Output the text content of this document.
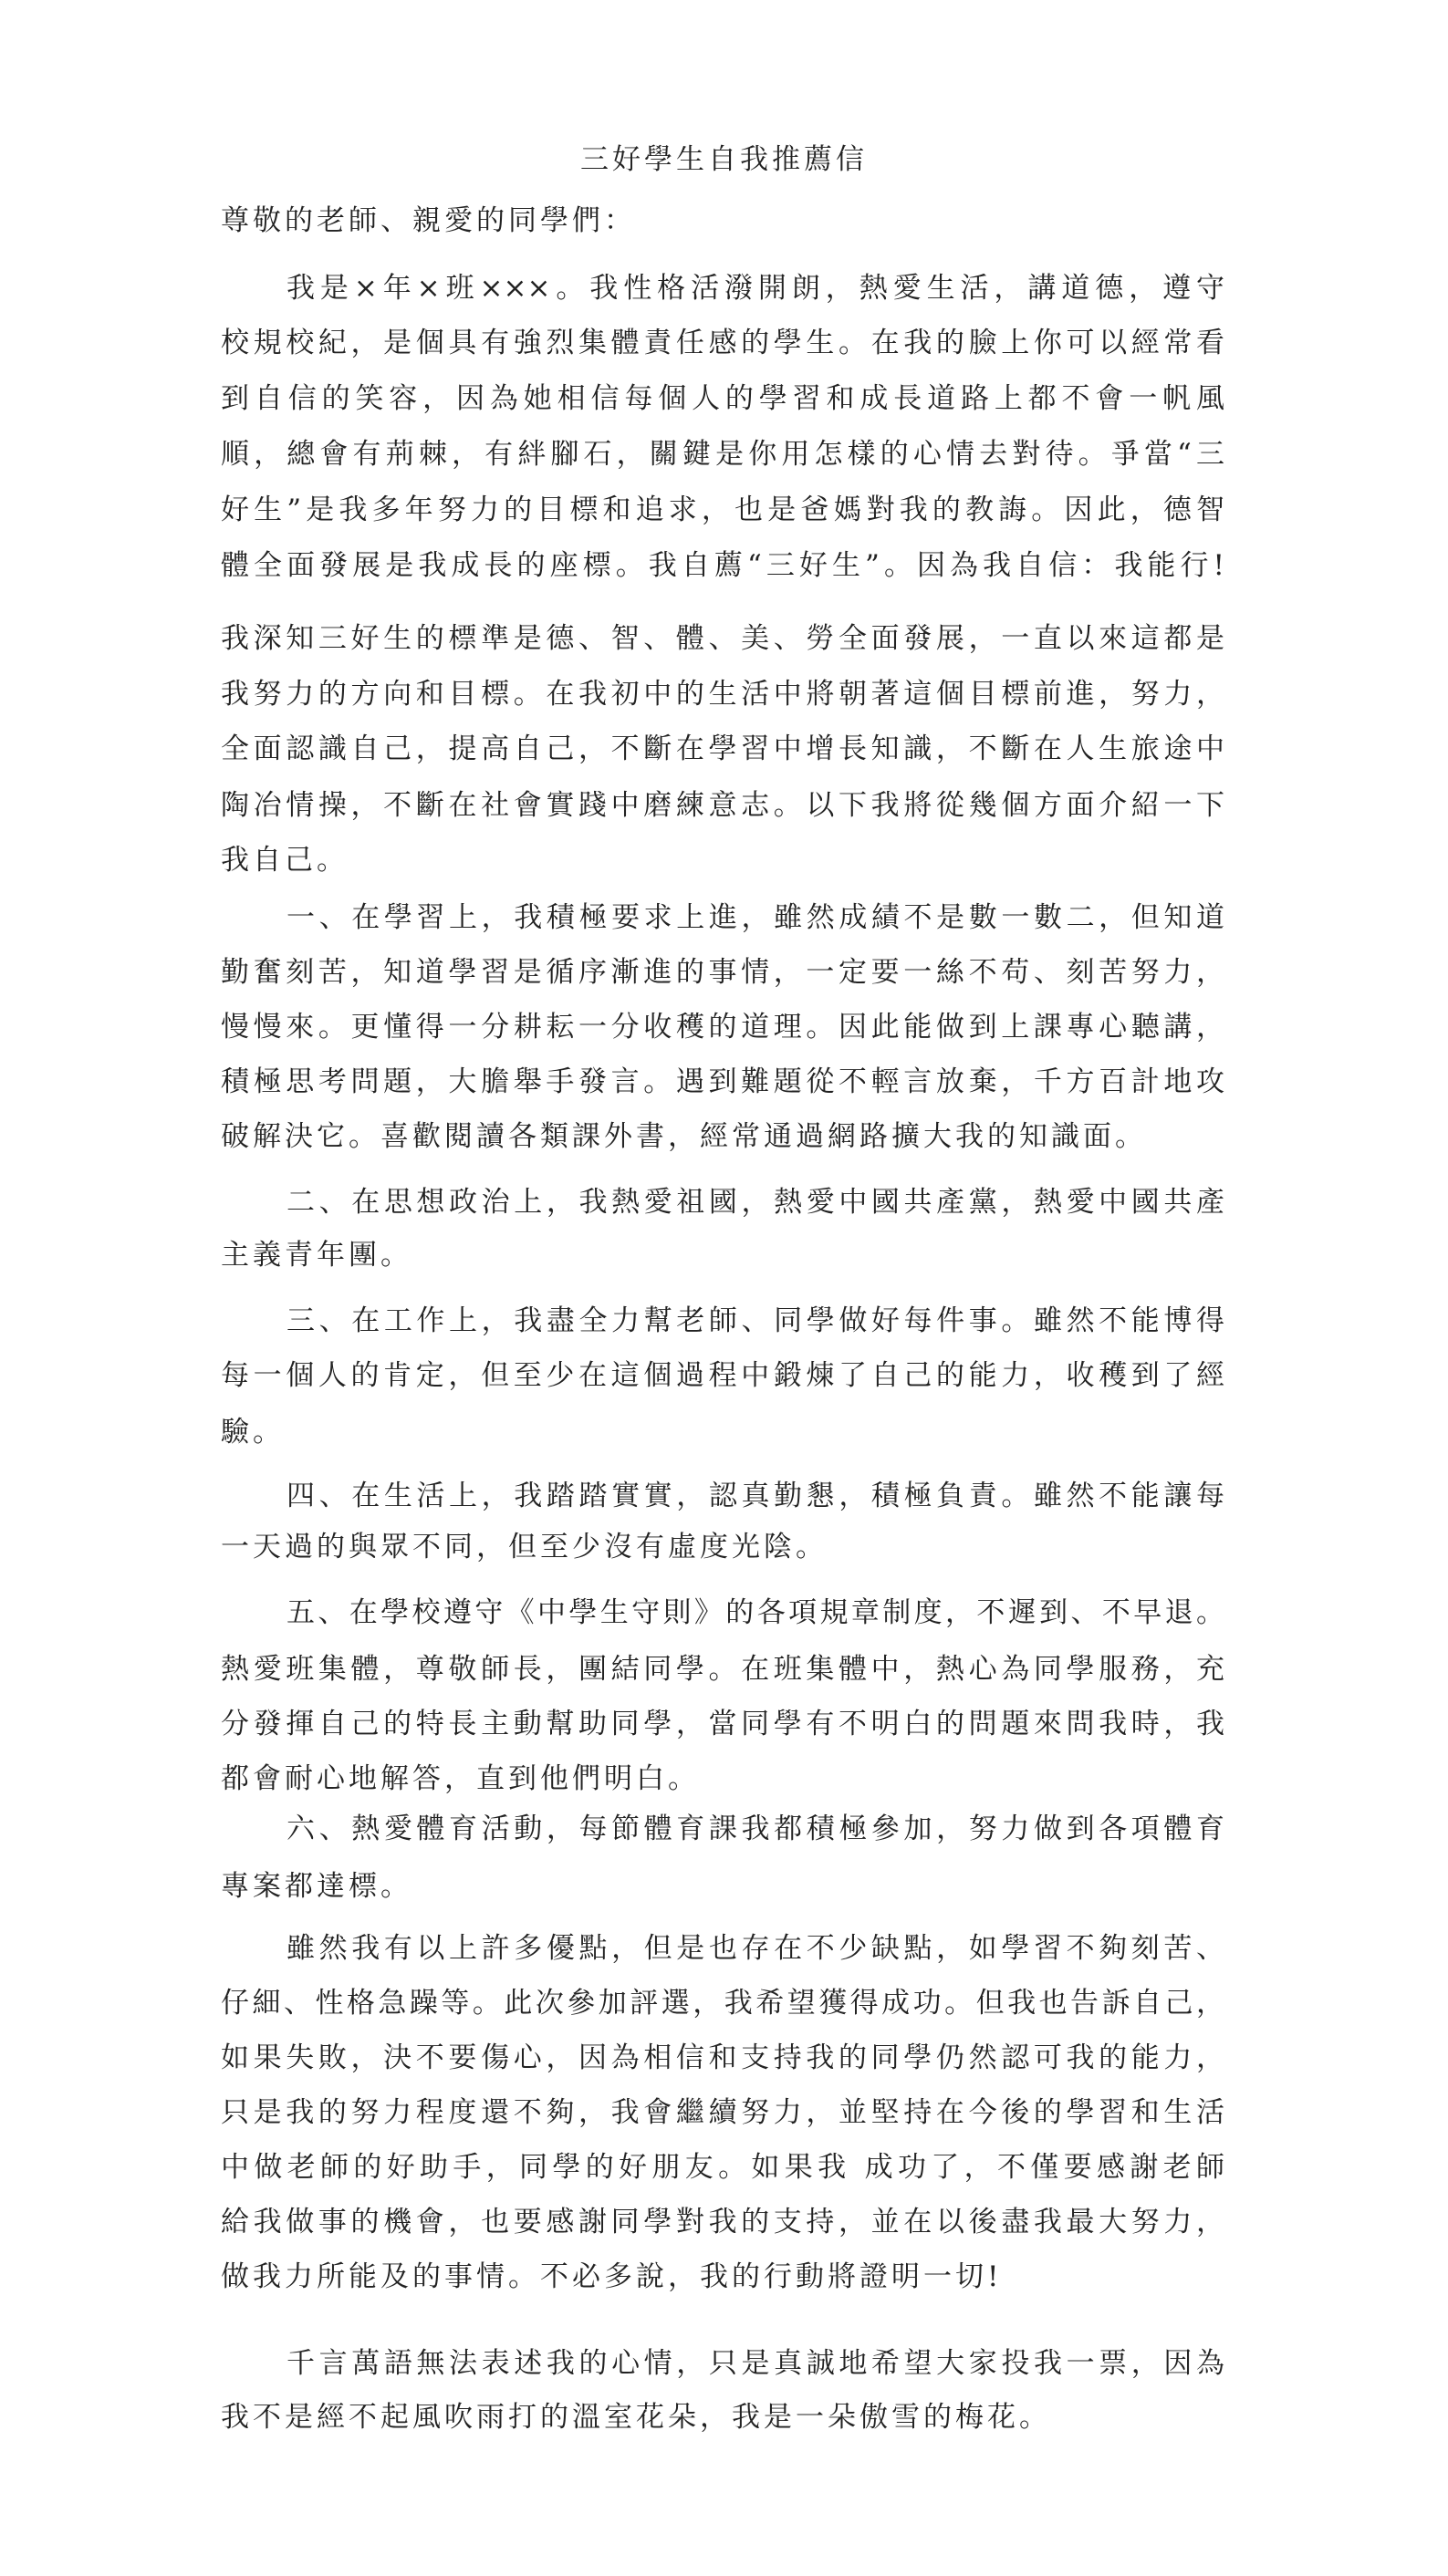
三好學生自我推薦信
尊敬的老師、親愛的同學們：
我是×年×班×××。我性格活潑開朗，熱愛生活，講道德，遵守
校規校紀，是個具有強烈集體責任感的學生。在我的臉上你可以經常看
到自信的笑容，因為她相信每個人的學習和成長道路上都不會一帆風
順，總會有荊棘，有絆腳石，關鍵是你用怎樣的心情去對待。爭當“三
好生”是我多年努力的目標和追求，也是爸媽對我的教誨。因此，德智
體全面發展是我成長的座標。我自薦“三好生”。因為我自信：我能行!
我深知三好生的標準是德、智、體、美、勞全面發展，一直以來這都是
我努力的方向和目標。在我初中的生活中將朝著這個目標前進，努力，
全面認識自己，提高自己，不斷在學習中增長知識，不斷在人生旅途中
陶冶情操，不斷在社會實踐中磨練意志。以下我將從幾個方面介紹一下
我自己。
一、在學習上，我積極要求上進，雖然成績不是數一數二，但知道
勤奮刻苦，知道學習是循序漸進的事情，一定要一絲不苟、刻苦努力，
慢慢來。更懂得一分耕耘一分收穫的道理。因此能做到上課專心聽講，
積極思考問題，大膽舉手發言。遇到難題從不輕言放棄，千方百計地攻
破解決它。喜歡閱讀各類課外書，經常通過網路擴大我的知識面。
二、在思想政治上，我熱愛祖國，熱愛中國共產黨，熱愛中國共產
主義青年團。
三、在工作上，我盡全力幫老師、同學做好每件事。雖然不能博得
每一個人的肯定，但至少在這個過程中鍛煉了自己的能力，收穫到了經
驗。
四、在生活上，我踏踏實實，認真勤懇，積極負責。雖然不能讓每
一天過的與眾不同，但至少沒有虛度光陰。
五、在學校遵守《中學生守則》的各項規章制度，不遲到、不早退。
熱愛班集體，尊敬師長，團結同學。在班集體中，熱心為同學服務，充
分發揮自己的特長主動幫助同學，當同學有不明白的問題來問我時，我
都會耐心地解答，直到他們明白。
六、熱愛體育活動，每節體育課我都積極參加，努力做到各項體育
專案都達標。
雖然我有以上許多優點，但是也存在不少缺點，如學習不夠刻苦、
仔細、性格急躁等。此次參加評選，我希望獲得成功。但我也告訴自己，
如果失敗，決不要傷心，因為相信和支持我的同學仍然認可我的能力，
只是我的努力程度還不夠，我會繼續努力，並堅持在今後的學習和生活
中做老師的好助手，同學的好朋友。如果我 成功了，不僅要感謝老師
給我做事的機會，也要感謝同學對我的支持，並在以後盡我最大努力，
做我力所能及的事情。不必多說，我的行動將證明一切!
千言萬語無法表述我的心情，只是真誠地希望大家投我一票，因為
我不是經不起風吹雨打的溫室花朵，我是一朵傲雪的梅花。
